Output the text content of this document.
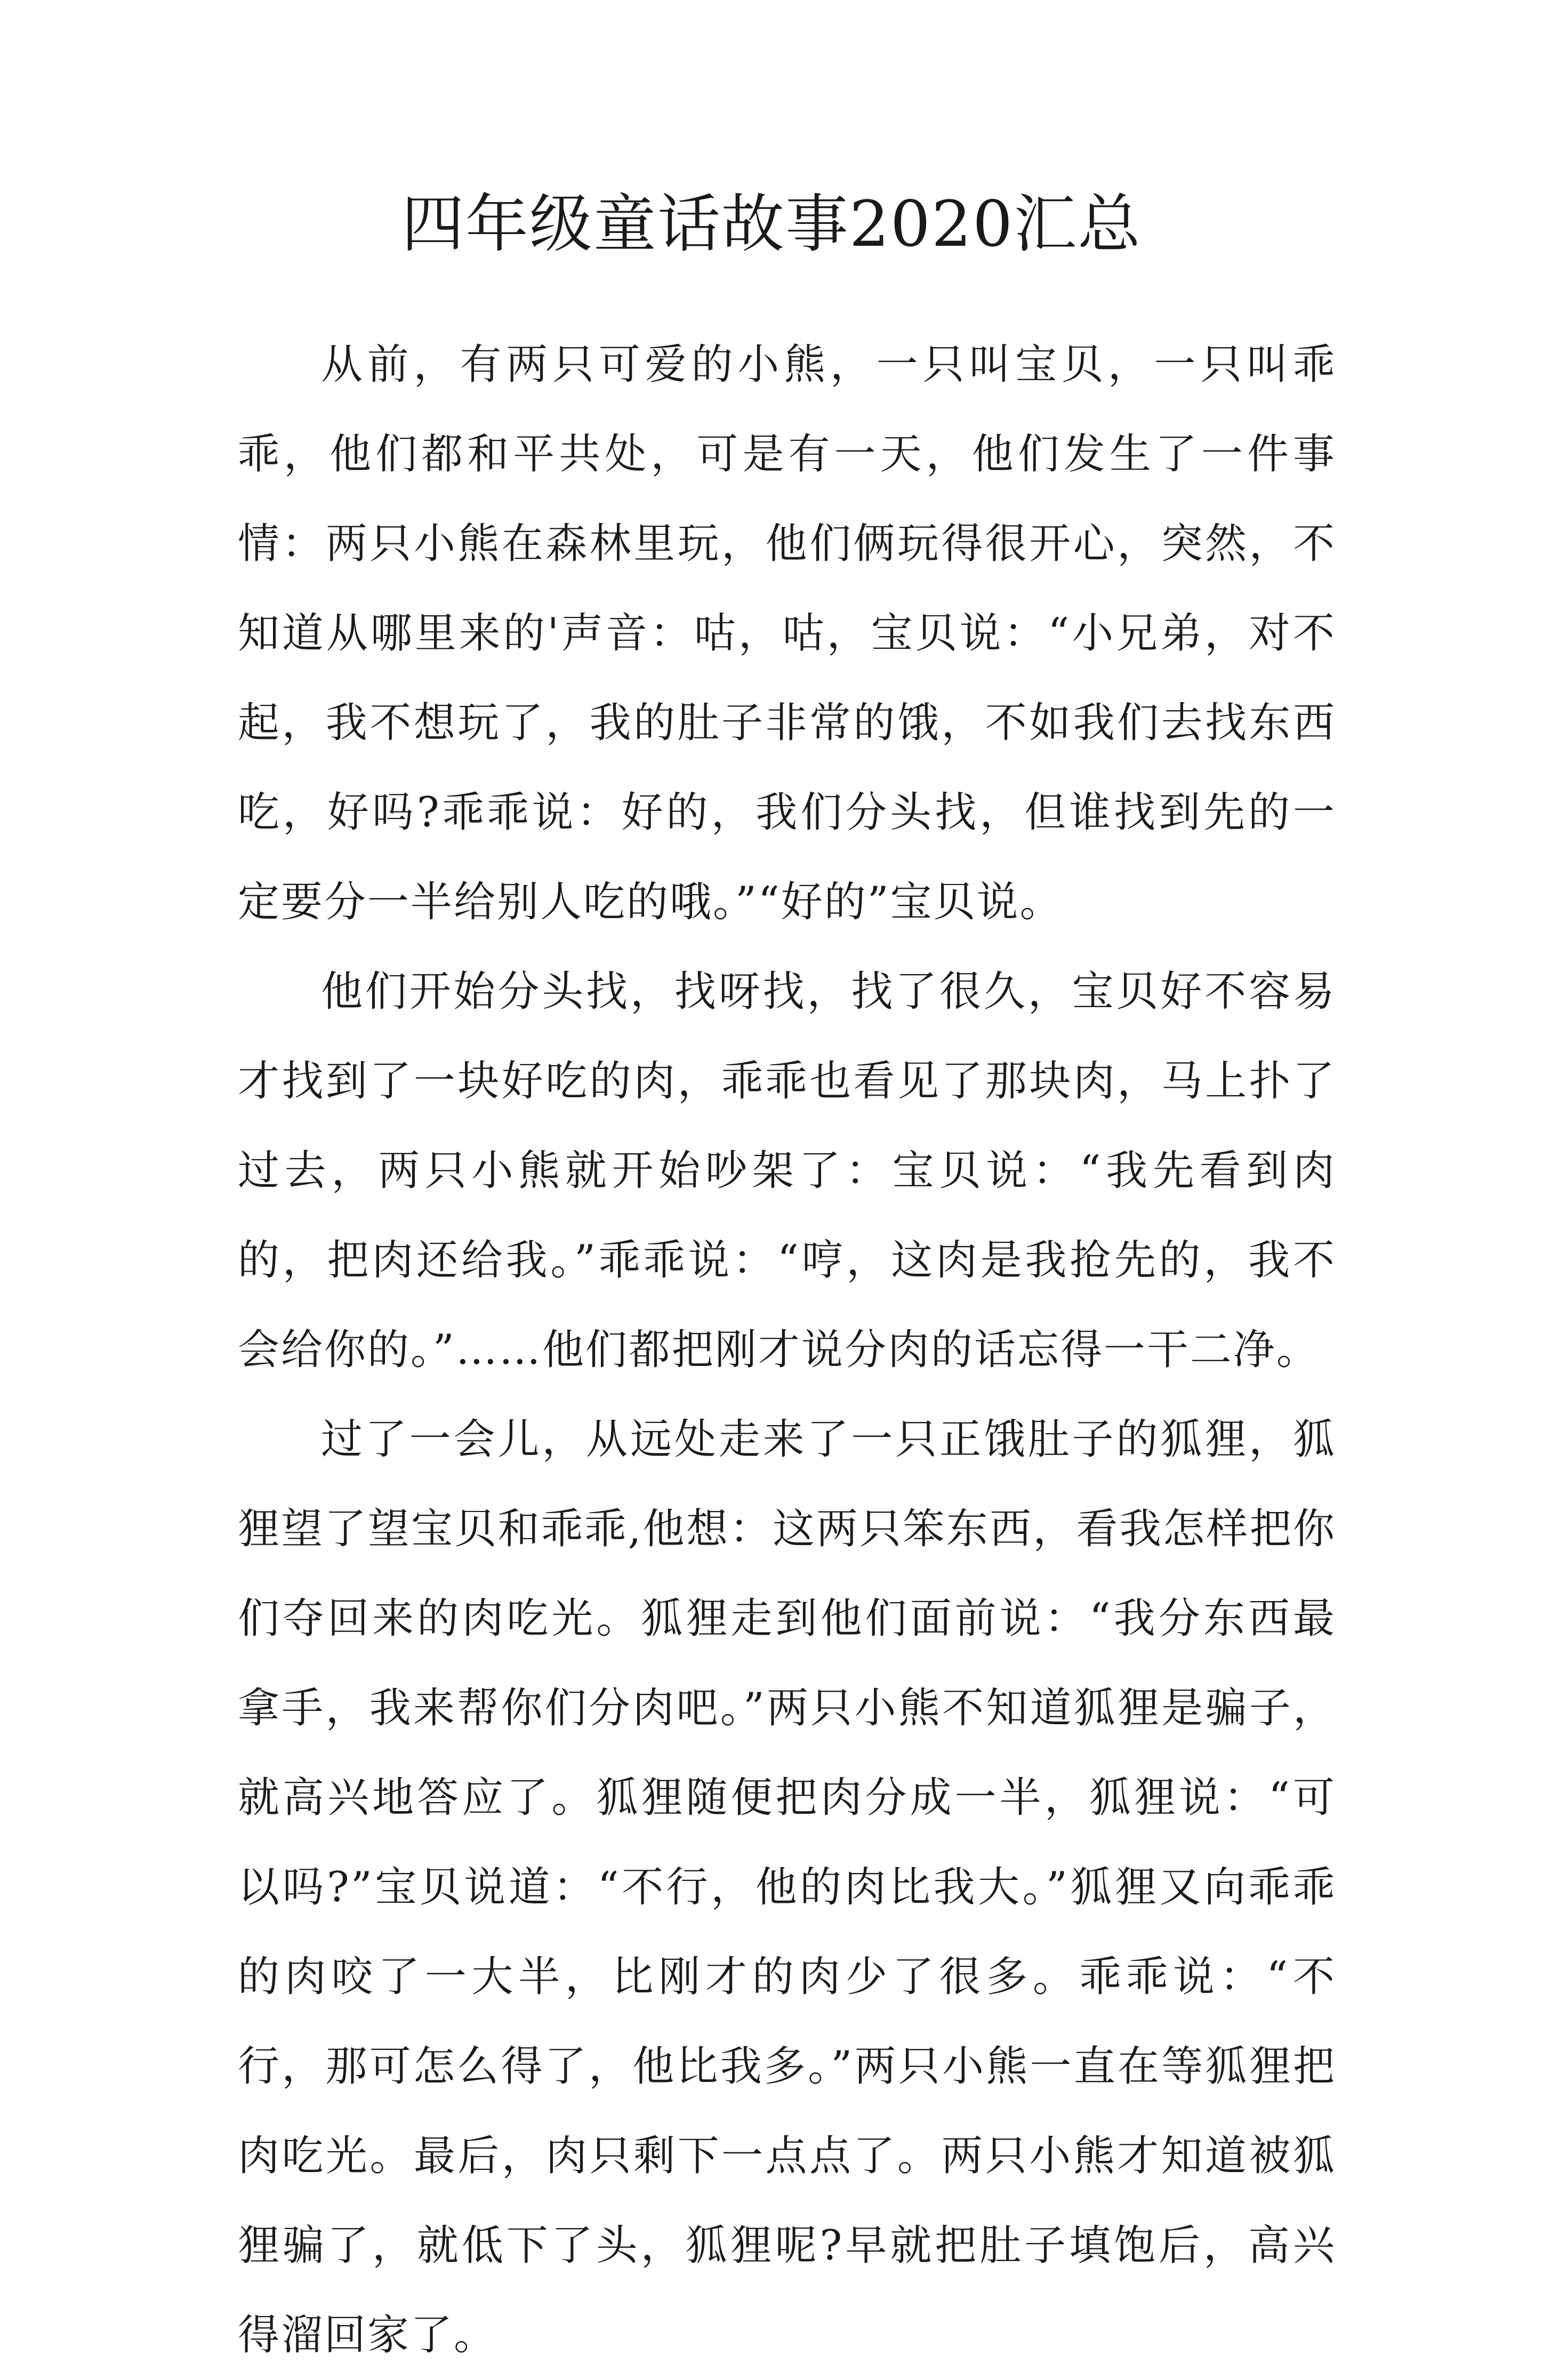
四年级童话故事2020汇总

从前，有两只可爱的小熊，一只叫宝贝，一只叫乖乖，他们都和平共处，可是有一天，他们发生了一件事情：两只小熊在森林里玩，他们俩玩得很开心，突然，不知道从哪里来的'声音：咕，咕，宝贝说：“小兄弟，对不起，我不想玩了，我的肚子非常的饿，不如我们去找东西吃，好吗?乖乖说：好的，我们分头找，但谁找到先的一定要分一半给别人吃的哦。”“好的”宝贝说。

他们开始分头找，找呀找，找了很久，宝贝好不容易才找到了一块好吃的肉，乖乖也看见了那块肉，马上扑了过去，两只小熊就开始吵架了：宝贝说：“我先看到肉的，把肉还给我。”乖乖说：“哼，这肉是我抢先的，我不会给你的。”……他们都把刚才说分肉的话忘得一干二净。

过了一会儿，从远处走来了一只正饿肚子的狐狸，狐狸望了望宝贝和乖乖,他想：这两只笨东西，看我怎样把你们夺回来的肉吃光。狐狸走到他们面前说：“我分东西最拿手，我来帮你们分肉吧。”两只小熊不知道狐狸是骗子，就高兴地答应了。狐狸随便把肉分成一半，狐狸说：“可以吗?”宝贝说道：“不行，他的肉比我大。”狐狸又向乖乖的肉咬了一大半，比刚才的肉少了很多。乖乖说：“不行，那可怎么得了，他比我多。”两只小熊一直在等狐狸把肉吃光。最后，肉只剩下一点点了。两只小熊才知道被狐狸骗了，就低下了头，狐狸呢?早就把肚子填饱后，高兴得溜回家了。
